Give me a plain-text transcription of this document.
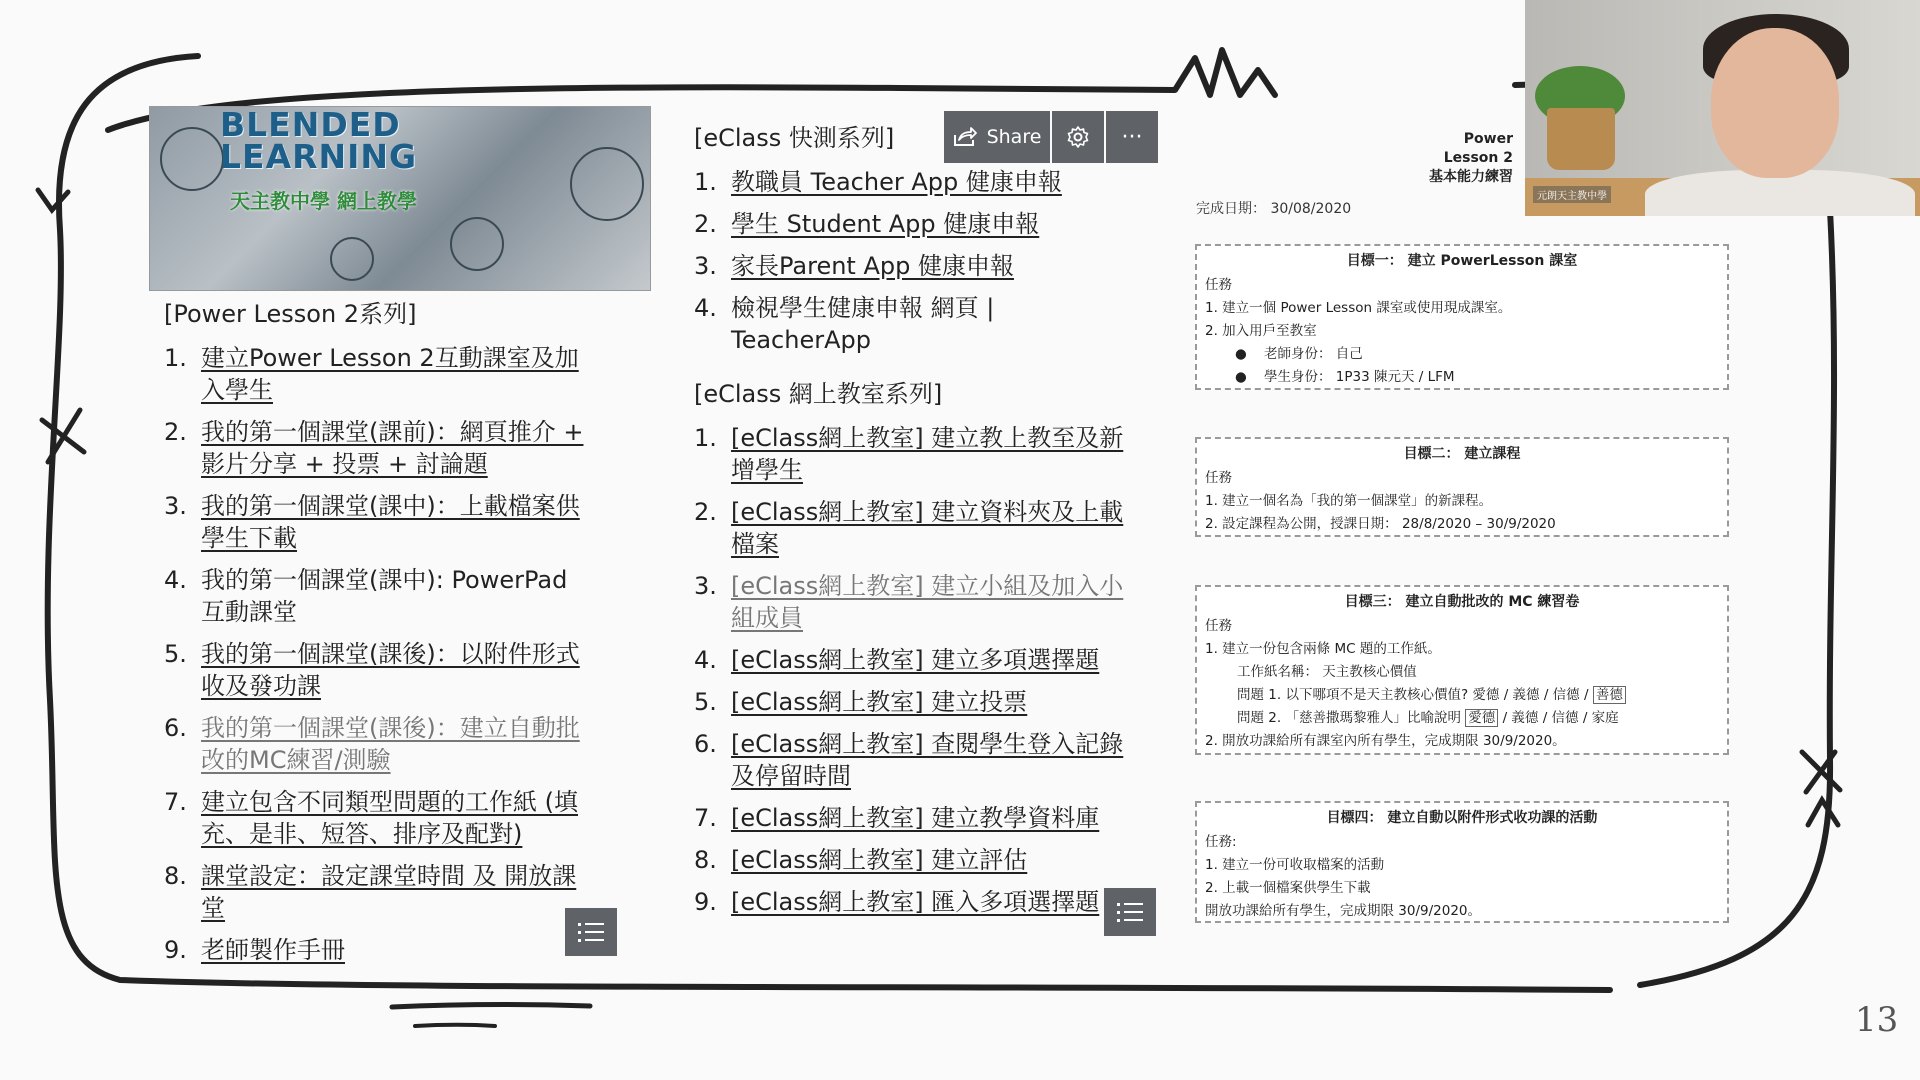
BLENDED
LEARNING
天主教中學 網上教學
[Power Lesson 2系列]
1. 建立Power Lesson 2互動課室及加入學生
2. 我的第一個課堂(課前)：網頁推介 + 影片分享 + 投票 + 討論題
3. 我的第一個課堂(課中)：上載檔案供學生下載
4. 我的第一個課堂(課中): PowerPad 互動課堂
5. 我的第一個課堂(課後)：以附件形式收及發功課
6. 我的第一個課堂(課後)：建立自動批改的MC練習/測驗
7. 建立包含不同類型問題的工作紙 (填充、是非、短答、排序及配對)
8. 課堂設定：設定課堂時間 及 開放課堂
9. 老師製作手冊
[eClass 快測系列]	Share	···
1. 教職員 Teacher App 健康申報
2. 學生 Student App 健康申報
3. 家長Parent App 健康申報
4. 檢視學生健康申報 網頁 | TeacherApp
[eClass 網上教室系列]
1. [eClass網上教室] 建立教上教至及新增學生
2. [eClass網上教室] 建立資料夾及上載檔案
3. [eClass網上教室] 建立小組及加入小組成員
4. [eClass網上教室] 建立多項選擇題
5. [eClass網上教室] 建立投票
6. [eClass網上教室] 查閱學生登入記錄及停留時間
7. [eClass網上教室] 建立教學資料庫
8. [eClass網上教室] 建立評估
9. [eClass網上教室] 匯入多項選擇題
Power Lesson 2
基本能力練習
完成日期： 30/08/2020
目標一： 建立 PowerLesson 課室
任務
1. 建立一個 Power Lesson 課室或使用現成課室。
2. 加入用戶至教室
●    老師身份： 自己
●    學生身份： 1P33 陳元天 / LFM
目標二： 建立課程
任務
1. 建立一個名為「我的第一個課堂」的新課程。
2. 設定課程為公開，授課日期： 28/8/2020 – 30/9/2020
目標三： 建立自動批改的 MC 練習卷
任務
1. 建立一份包含兩條 MC 題的工作紙。
工作紙名稱： 天主教核心價值
問題 1. 以下哪項不是天主教核心價值? 愛德 / 義德 / 信德 / 善德
問題 2. 「慈善撒瑪黎雅人」比喻說明 愛德 / 義德 / 信德 / 家庭
2. 開放功課給所有課室內所有學生，完成期限 30/9/2020。
目標四： 建立自動以附件形式收功課的活動
任務:
1. 建立一份可收取檔案的活動
2. 上載一個檔案供學生下載
開放功課給所有學生，完成期限 30/9/2020。
元朗天主教中學
13
